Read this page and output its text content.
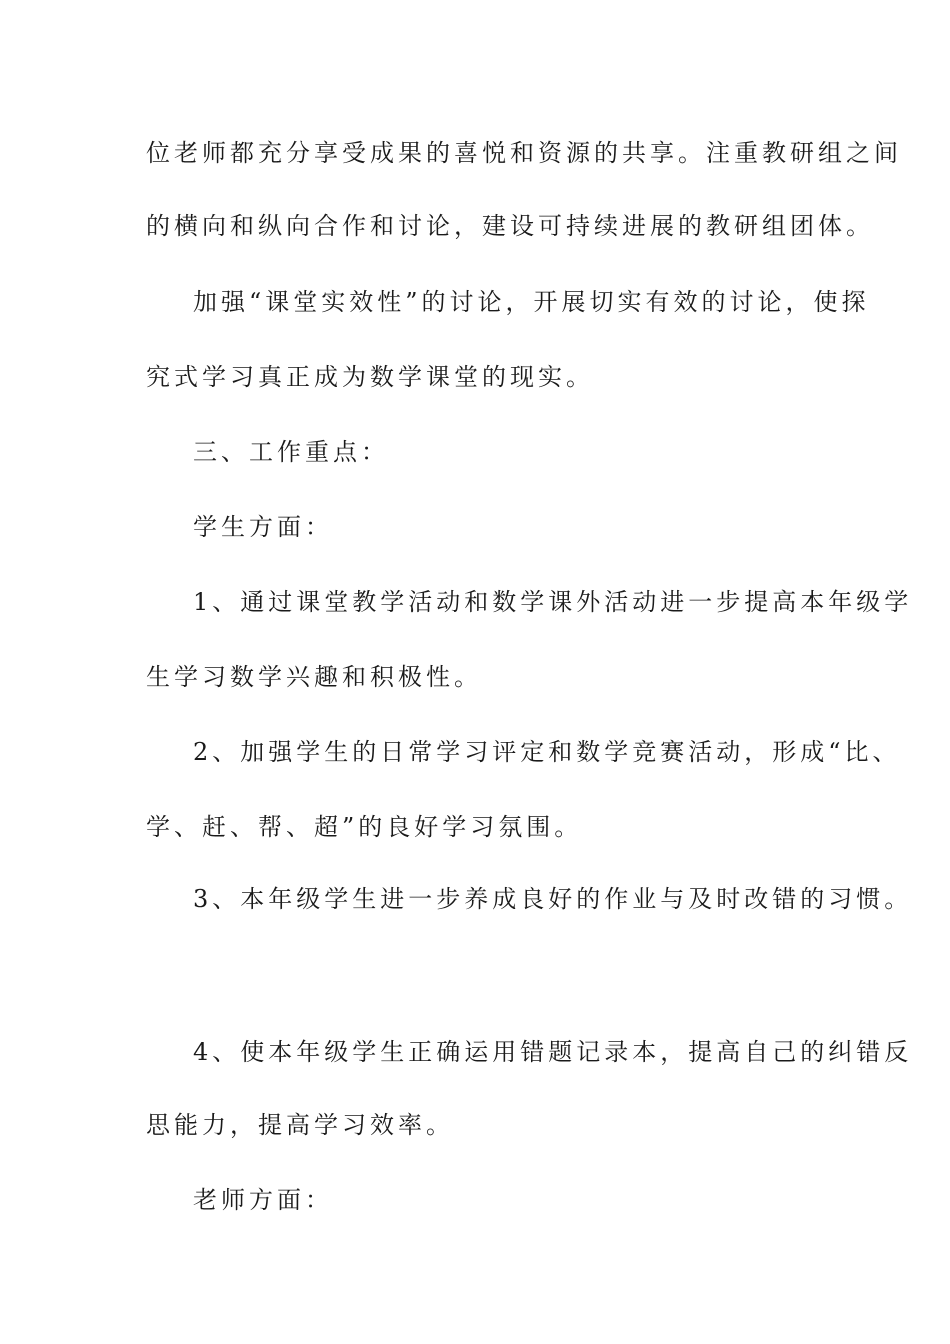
位老师都充分享受成果的喜悦和资源的共享。注重教研组之间
的横向和纵向合作和讨论，建设可持续进展的教研组团体。
加强“课堂实效性”的讨论，开展切实有效的讨论，使探
究式学习真正成为数学课堂的现实。
三、工作重点：
学生方面：
1、通过课堂教学活动和数学课外活动进一步提高本年级学
生学习数学兴趣和积极性。
2、加强学生的日常学习评定和数学竞赛活动，形成“比、
学、赶、帮、超”的良好学习氛围。
3、本年级学生进一步养成良好的作业与及时改错的习惯。
4、使本年级学生正确运用错题记录本，提高自己的纠错反
思能力，提高学习效率。
老师方面：
